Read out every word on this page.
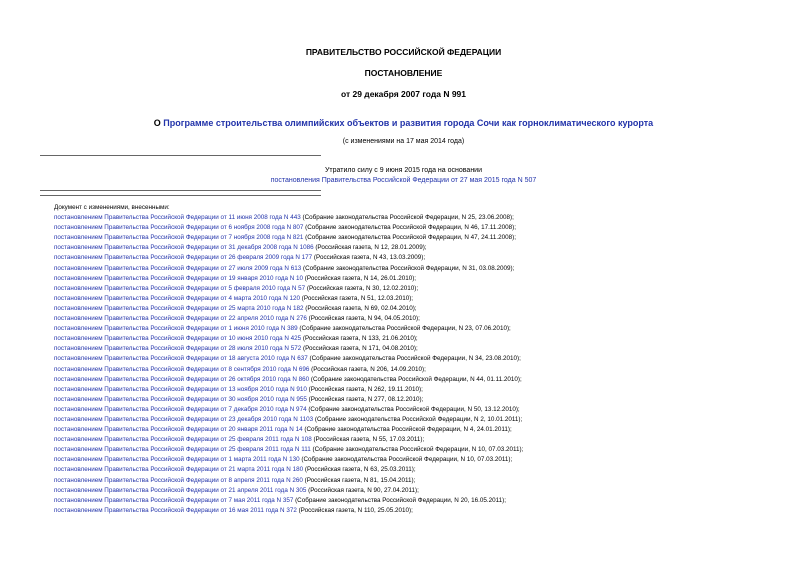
ПРАВИТЕЛЬСТВО РОССИЙСКОЙ ФЕДЕРАЦИИ
ПОСТАНОВЛЕНИЕ
от 29 декабря 2007 года N 991
О Программе строительства олимпийских объектов и развития города Сочи как горноклиматического курорта
(с изменениями на 17 мая 2014 года)
Утратило силу с 9 июня 2015 года на основании
постановления Правительства Российской Федерации от 27 мая 2015 года N 507
Документ с изменениями, внесенными:
постановлением Правительства Российской Федерации от 11 июня 2008 года N 443 (Собрание законодательства Российской Федерации, N 25, 23.06.2008);
постановлением Правительства Российской Федерации от 6 ноября 2008 года N 807 (Собрание законодательства Российской Федерации, N 46, 17.11.2008);
постановлением Правительства Российской Федерации от 7 ноября 2008 года N 821 (Собрание законодательства Российской Федерации, N 47, 24.11.2008);
постановлением Правительства Российской Федерации от 31 декабря 2008 года N 1086 (Российская газета, N 12, 28.01.2009);
постановлением Правительства Российской Федерации от 26 февраля 2009 года N 177 (Российская газета, N 43, 13.03.2009);
постановлением Правительства Российской Федерации от 27 июля 2009 года N 613 (Собрание законодательства Российской Федерации, N 31, 03.08.2009);
постановлением Правительства Российской Федерации от 19 января 2010 года N 10 (Российская газета, N 14, 26.01.2010);
постановлением Правительства Российской Федерации от 5 февраля 2010 года N 57 (Российская газета, N 30, 12.02.2010);
постановлением Правительства Российской Федерации от 4 марта 2010 года N 120 (Российская газета, N 51, 12.03.2010);
постановлением Правительства Российской Федерации от 25 марта 2010 года N 182 (Российская газета, N 69, 02.04.2010);
постановлением Правительства Российской Федерации от 22 апреля 2010 года N 276 (Российская газета, N 94, 04.05.2010);
постановлением Правительства Российской Федерации от 1 июня 2010 года N 389 (Собрание законодательства Российской Федерации, N 23, 07.06.2010);
постановлением Правительства Российской Федерации от 10 июня 2010 года N 425 (Российская газета, N 133, 21.06.2010);
постановлением Правительства Российской Федерации от 28 июля 2010 года N 572 (Российская газета, N 171, 04.08.2010);
постановлением Правительства Российской Федерации от 18 августа 2010 года N 637 (Собрание законодательства Российской Федерации, N 34, 23.08.2010);
постановлением Правительства Российской Федерации от 8 сентября 2010 года N 696 (Российская газета, N 206, 14.09.2010);
постановлением Правительства Российской Федерации от 26 октября 2010 года N 860 (Собрание законодательства Российской Федерации, N 44, 01.11.2010);
постановлением Правительства Российской Федерации от 13 ноября 2010 года N 910 (Российская газета, N 262, 19.11.2010);
постановлением Правительства Российской Федерации от 30 ноября 2010 года N 955 (Российская газета, N 277, 08.12.2010);
постановлением Правительства Российской Федерации от 7 декабря 2010 года N 974 (Собрание законодательства Российской Федерации, N 50, 13.12.2010);
постановлением Правительства Российской Федерации от 23 декабря 2010 года N 1103 (Собрание законодательства Российской Федерации, N 2, 10.01.2011);
постановлением Правительства Российской Федерации от 20 января 2011 года N 14 (Собрание законодательства Российской Федерации, N 4, 24.01.2011);
постановлением Правительства Российской Федерации от 25 февраля 2011 года N 108 (Российская газета, N 55, 17.03.2011);
постановлением Правительства Российской Федерации от 25 февраля 2011 года N 111 (Собрание законодательства Российской Федерации, N 10, 07.03.2011);
постановлением Правительства Российской Федерации от 1 марта 2011 года N 130 (Собрание законодательства Российской Федерации, N 10, 07.03.2011);
постановлением Правительства Российской Федерации от 21 марта 2011 года N 180 (Российская газета, N 63, 25.03.2011);
постановлением Правительства Российской Федерации от 8 апреля 2011 года N 260 (Российская газета, N 81, 15.04.2011);
постановлением Правительства Российской Федерации от 21 апреля 2011 года N 305 (Российская газета, N 90, 27.04.2011);
постановлением Правительства Российской Федерации от 7 мая 2011 года N 357 (Собрание законодательства Российской Федерации, N 20, 16.05.2011);
постановлением Правительства Российской Федерации от 16 мая 2011 года N 372 (Российская газета, N 110, 25.05.2010);
